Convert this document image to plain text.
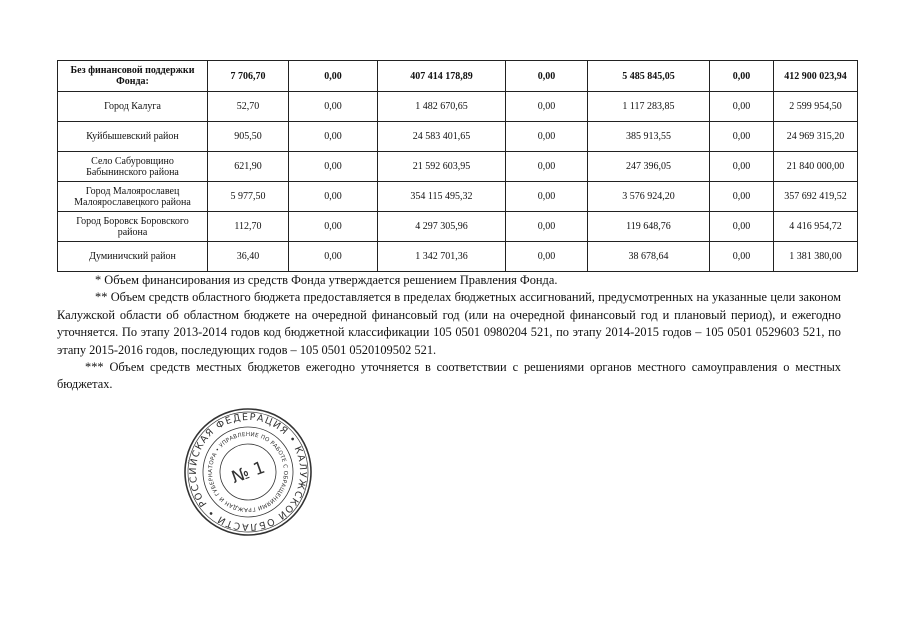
Без финансовой поддержки Фонда:	7 706,70	0,00	407 414 178,89	0,00	5 485 845,05	0,00	412 900 023,94
Город Калуга	52,70	0,00	1 482 670,65	0,00	1 117 283,85	0,00	2 599 954,50
Куйбышевский район	905,50	0,00	24 583 401,65	0,00	385 913,55	0,00	24 969 315,20
Село Сабуровщино Бабынинского района	621,90	0,00	21 592 603,95	0,00	247 396,05	0,00	21 840 000,00
Город Малоярославец Малоярославецкого района	5 977,50	0,00	354 115 495,32	0,00	3 576 924,20	0,00	357 692 419,52
Город Боровск Боровского района	112,70	0,00	4 297 305,96	0,00	119 648,76	0,00	4 416 954,72
Думиничский район	36,40	0,00	1 342 701,36	0,00	38 678,64	0,00	1 381 380,00

* Объем финансирования из средств Фонда утверждается решением Правления Фонда.

** Объем средств областного бюджета предоставляется в пределах бюджетных ассигнований, предусмотренных на указанные цели законом Калужской области об областном бюджете на очередной финансовый год (или на очередной финансовый год и плановый период), и ежегодно уточняется. По этапу 2013-2014 годов код бюджетной классификации 105 0501 0980204 521, по этапу 2014-2015 годов – 105 0501 0529603 521, по этапу 2015-2016 годов, последующих годов – 105 0501 0520109502 521.

*** Объем средств местных бюджетов ежегодно уточняется в соответствии с решениями органов местного самоуправления о местных бюджетах.

РОССИЙСКАЯ ФЕДЕРАЦИЯ • КАЛУЖСКОЙ ОБЛАСТИ •
ГУБЕРНАТОРА • УПРАВЛЕНИЕ ПО РАБОТЕ С ОБРАЩЕНИЯМИ ГРАЖДАН И
№ 1
